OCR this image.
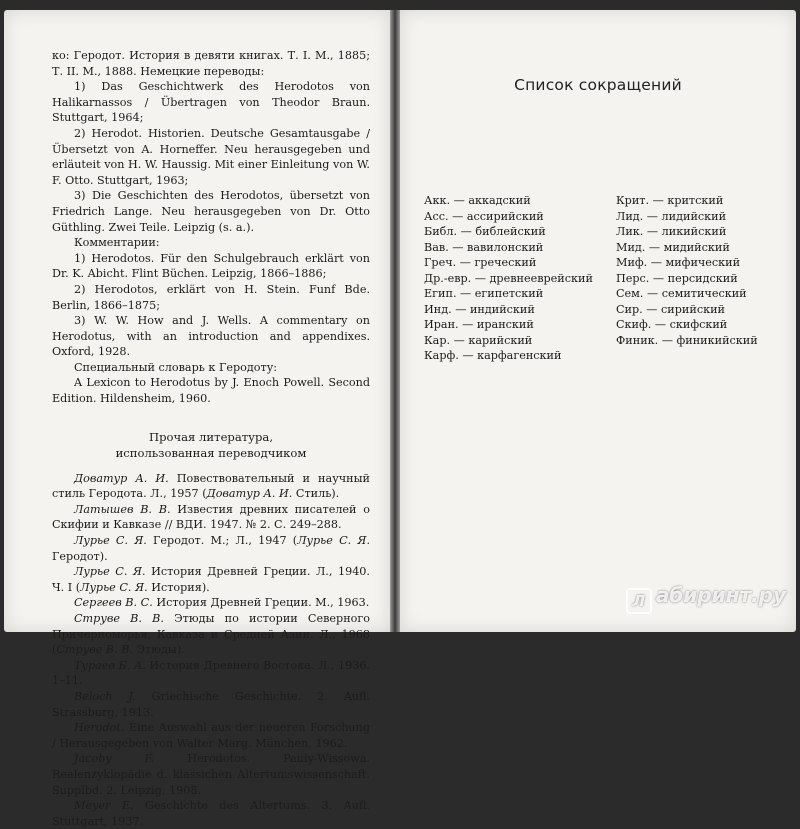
ко: Геродот. История в девяти книгах. Т. I. М., 1885; Т. II. М., 1888. Немецкие переводы:

1) Das Geschichtwerk des Herodotos von Halikarnassos / Übertragen von Theodor Braun. Stuttgart, 1964;

2) Herodot. Historien. Deutsche Gesamtausgabe / Übersetzt von A. Horneffer. Neu herausgegeben und erläuteit von H. W. Haussig. Mit einer Einleitung von W. F. Otto. Stuttgart, 1963;

3) Die Geschichten des Herodotos, übersetzt von Friedrich Lange. Neu herausgegeben von Dr. Otto Güthling. Zwei Teile. Leipzig (s. a.).

Комментарии:

1) Herodotos. Für den Schulgebrauch erklärt von Dr. K. Abicht. Flint Büchen. Leipzig, 1866–1886;

2) Herodotos, erklärt von H. Stein. Funf Bde. Berlin, 1866–1875;

3) W. W. How and J. Wells. A commentary on Herodotus, with an introduction and appendixes. Oxford, 1928.

Специальный словарь к Геродоту:

A Lexicon to Herodotus by J. Enoch Powell. Second Edition. Hildensheim, 1960.

Прочая литература,
использованная переводчиком

Доватур А. И. Повествовательный и научный стиль Геродота. Л., 1957 (Доватур А. И. Стиль).

Латышев В. В. Известия древних писателей о Скифии и Кавказе // ВДИ. 1947. № 2. С. 249–288.

Лурье С. Я. Геродот. М.; Л., 1947 (Лурье С. Я. Геродот).

Лурье С. Я. История Древней Греции. Л., 1940. Ч. I (Лурье С. Я. История).

Сергеев В. С. История Древней Греции. М., 1963.

Струве В. В. Этюды по истории Северного Причерноморья, Кавказа и Средней Азии. Л., 1968 (Струве В. В. Этюды).

Тураев Б. А. История Древнего Востока. Л., 1936. 1–11.

Beloch J. Griechische Geschichte. 2. Aufl. Strassburg, 1913.

Herodot. Eine Auswahl aus der neueren Forschung / Herausgegeben von Walter Marg. München, 1962.

Jacoby F. Herodotos. Pauly-Wissowa. Realenzyklopädie d. klassichen Altertumswissenschaft. Supplbd. 2. Leipzig, 1908.

Meyer E. Geschichte des Altertums. 3. Aufl. Stuttgart, 1937.

Список сокращений
Акк. — аккадский
Асс. — ассирийский
Библ. — библейский
Вав. — вавилонский
Греч. — греческий
Др.-евр. — древнееврейский
Егип. — египетский
Инд. — индийский
Иран. — иранский
Кар. — карийский
Карф. — карфагенский
Крит. — критский
Лид. — лидийский
Лик. — ликийский
Мид. — мидийский
Миф. — мифический
Перс. — персидский
Сем. — семитический
Сир. — сирийский
Скиф. — скифский
Финик. — финикийский
Л абиринт.ру
